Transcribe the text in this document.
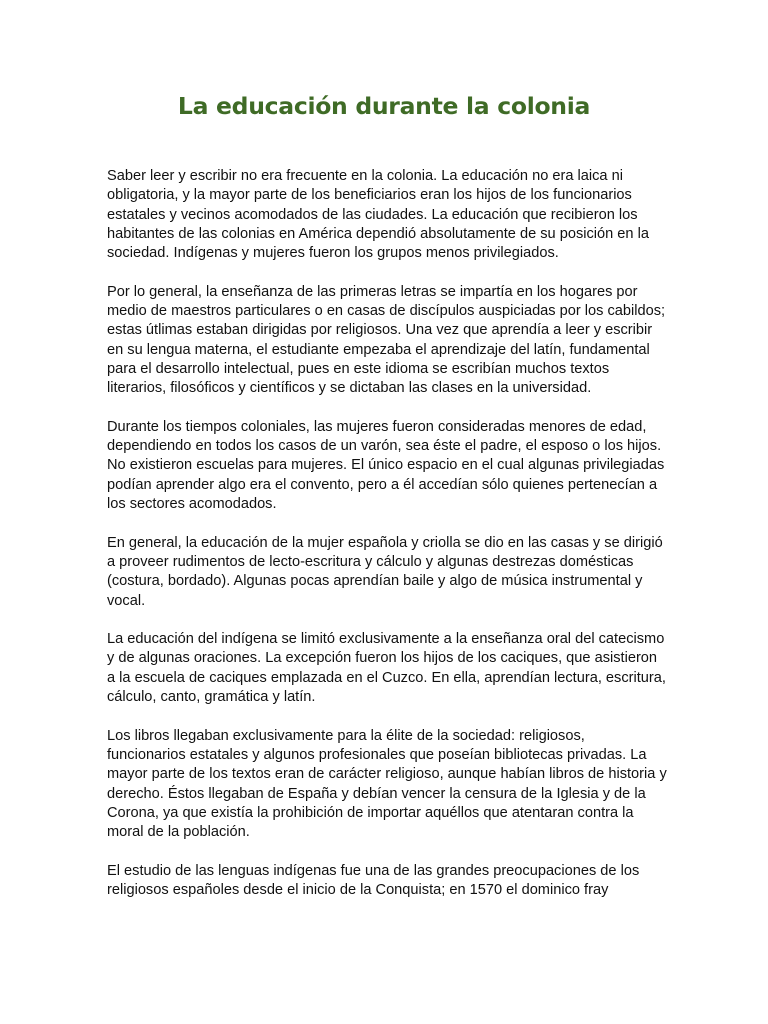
La educación durante la colonia

Saber leer y escribir no era frecuente en la colonia. La educación no era laica ni obligatoria, y la mayor parte de los beneficiarios eran los hijos de los funcionarios estatales y vecinos acomodados de las ciudades. La educación que recibieron los habitantes de las colonias en América dependió absolutamente de su posición en la sociedad. Indígenas y mujeres fueron los grupos menos privilegiados.

Por lo general, la enseñanza de las primeras letras se impartía en los hogares por medio de maestros particulares o en casas de discípulos auspiciadas por los cabildos; estas útlimas estaban dirigidas por religiosos. Una vez que aprendía a leer y escribir en su lengua materna, el estudiante empezaba el aprendizaje del latín, fundamental para el desarrollo intelectual, pues en este idioma se escribían muchos textos literarios, filosóficos y científicos y se dictaban las clases en la universidad.

Durante los tiempos coloniales, las mujeres fueron consideradas menores de edad, dependiendo en todos los casos de un varón, sea éste el padre, el esposo o los hijos. No existieron escuelas para mujeres. El único espacio en el cual algunas privilegiadas podían aprender algo era el convento, pero a él accedían sólo quienes pertenecían a los sectores acomodados.

En general, la educación de la mujer española y criolla se dio en las casas y se dirigió a proveer rudimentos de lecto-escritura y cálculo y algunas destrezas domésticas (costura, bordado). Algunas pocas aprendían baile y algo de música instrumental y vocal.

La educación del indígena se limitó exclusivamente a la enseñanza oral del catecismo y de algunas oraciones. La excepción fueron los hijos de los caciques, que asistieron a la escuela de caciques emplazada en el Cuzco. En ella, aprendían lectura, escritura, cálculo, canto, gramática y latín.

Los libros llegaban exclusivamente para la élite de la sociedad: religiosos, funcionarios estatales y algunos profesionales que poseían bibliotecas privadas. La mayor parte de los textos eran de carácter religioso, aunque habían libros de historia y derecho. Éstos llegaban de España y debían vencer la censura de la Iglesia y de la Corona, ya que existía la prohibición de importar aquéllos que atentaran contra la moral de la población.

El estudio de las lenguas indígenas fue una de las grandes preocupaciones de los religiosos españoles desde el inicio de la Conquista; en 1570 el dominico fray
